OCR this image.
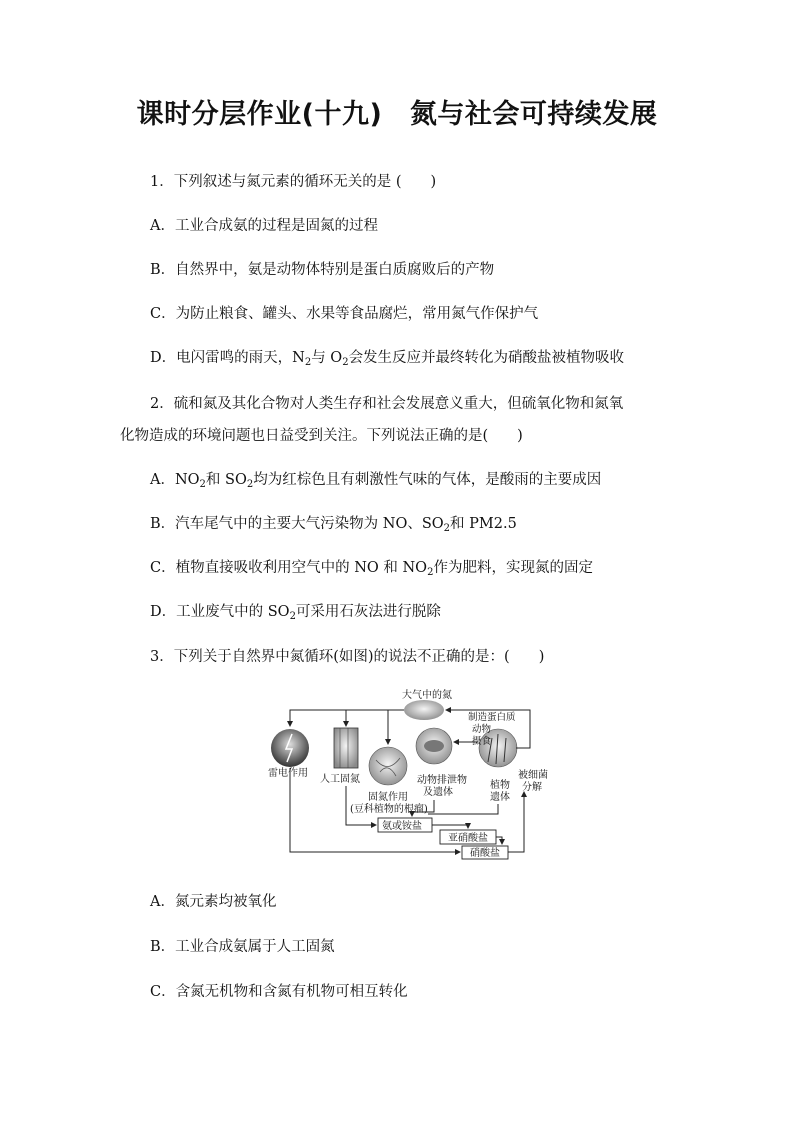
课时分层作业(十九)　氮与社会可持续发展
1．下列叙述与氮元素的循环无关的是 (　　)
A．工业合成氨的过程是固氮的过程
B．自然界中，氨是动物体特别是蛋白质腐败后的产物
C．为防止粮食、罐头、水果等食品腐烂，常用氮气作保护气
D．电闪雷鸣的雨天，$N_2$与 $O_2$会发生反应并最终转化为硝酸盐被植物吸收
2．硫和氮及其化合物对人类生存和社会发展意义重大，但硫氧化物和氮氧
化物造成的环境问题也日益受到关注。下列说法正确的是(　　)
A．$NO_2$和 $SO_2$均为红棕色且有刺激性气味的气体，是酸雨的主要成因
B．汽车尾气中的主要大气污染物为 NO、$SO_2$和 PM2.5
C．植物直接吸收利用空气中的 NO 和 $NO_2$作为肥料，实现氮的固定
D．工业废气中的 $SO_2$可采用石灰法进行脱除
3．下列关于自然界中氮循环(如图)的说法不正确的是：(　　)
大气中的氮
雷电作用
人工固氮
制造蛋白质
动物
摄食
动物排泄物
及遗体
植物
遗体
被细菌
分解
固氮作用
(豆科植物的根瘤)
氨或铵盐
亚硝酸盐
硝酸盐
A．氮元素均被氧化
B．工业合成氨属于人工固氮
C．含氮无机物和含氮有机物可相互转化
